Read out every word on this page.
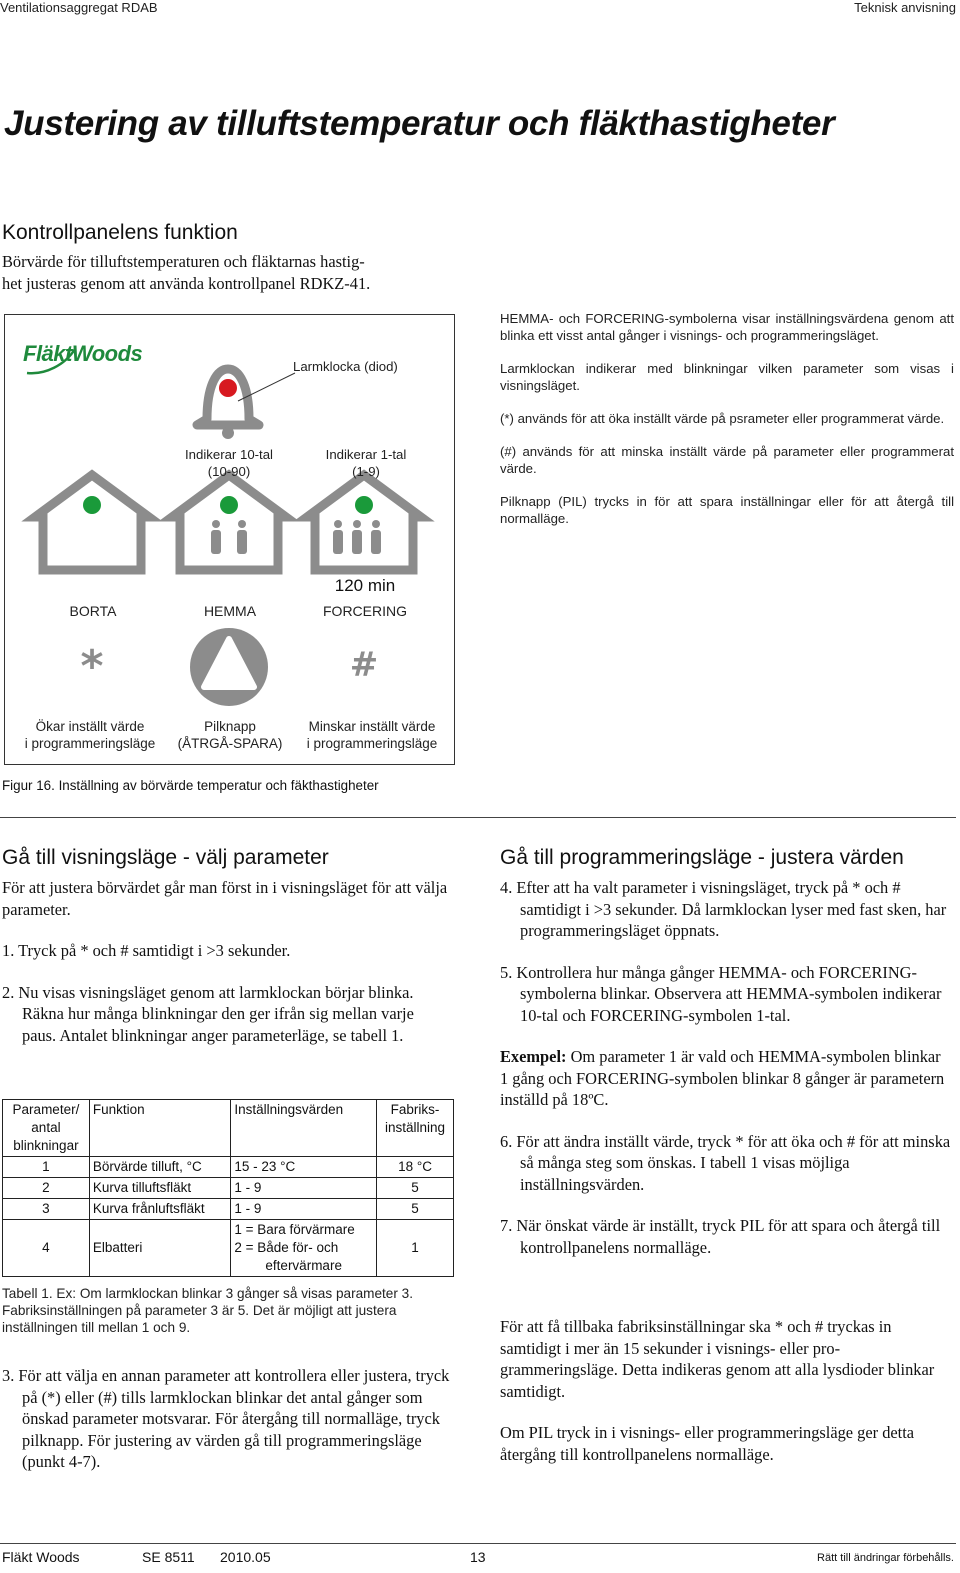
Ventilationsaggregat RDAB	Teknisk anvisning
Justering av tilluftstemperatur och fläkthastigheter
Kontrollpanelens funktion
Börvärde för tilluftstemperaturen och fläktarnas hastig-
het justeras genom att använda kontrollpanel RDKZ-41.
FläktWoods
Larmklocka (diod)
Indikerar 10-tal
(10-90)
Indikerar 1-tal
(1-9)
120 min
BORTA	HEMMA	FORCERING
*	#
Ökar inställt värde
i programmeringsläge
Pilknapp
(ÅTRGÅ-SPARA)
Minskar inställt värde
i programmeringsläge
Figur 16. Inställning av börvärde temperatur och fäkthastigheter

HEMMA- och FORCERING-symbolerna visar inställningsvärdena genom att blinka ett visst antal gånger i visnings- och programmeringsläget.

Larmklockan indikerar med blinkningar vilken parameter som visas i visningsläget.

(*) används för att öka inställt värde på psrameter eller programmerat värde.

(#) används för att minska inställt värde på parameter eller programmerat värde.

Pilknapp (PIL) trycks in för att spara inställningar eller för att återgå till normalläge.

Gå till visningsläge - välj parameter

För att justera börvärdet går man först in i visningsläget för att välja parameter.

1. Tryck på * och # samtidigt i >3 sekunder.

2. Nu visas visningsläget genom att larmklockan börjar blinka. Räkna hur många blinkningar den ger ifrån sig mellan varje paus. Antalet blinkningar anger parameterläge, se tabell 1.

Parameter/ antal blinkningar	Funktion	Inställningsvärden	Fabriks-inställning
1	Börvärde tilluft, °C	15 - 23 °C	18 °C
2	Kurva tilluftsfläkt	1 - 9	5
3	Kurva frånluftsfläkt	1 - 9	5
4	Elbatteri	1 = Bara förvärmare
2 = Både för- och
eftervärmare	1
Tabell 1. Ex: Om larmklockan blinkar 3 gånger så visas parameter 3. Fabriksinställningen på parameter 3 är 5. Det är möjligt att justera inställningen till mellan 1 och 9.
3. För att välja en annan parameter att kontrollera eller justera, tryck på (*) eller (#) tills larmklockan blinkar det antal gånger som önskad parameter motsvarar. För återgång till normalläge, tryck pilknapp. För justering av värden gå till programmeringsläge (punkt 4-7).
Gå till programmeringsläge - justera värden

4. Efter att ha valt parameter i visningsläget, tryck på * och # samtidigt i >3 sekunder. Då larmklockan lyser med fast sken, har programmeringsläget öppnats.

5. Kontrollera hur många gånger HEMMA- och FORCERING-symbolerna blinkar. Observera att HEMMA-symbolen indikerar 10-tal och FORCERING-symbolen 1-tal.

Exempel: Om parameter 1 är vald och HEMMA-symbolen blinkar 1 gång och FORCERING-symbolen blinkar 8 gånger är parametern inställd på 18ºC.

6. För att ändra inställt värde, tryck * för att öka och # för att minska så många steg som önskas. I tabell 1 visas möjliga inställningsvärden.

7. När önskat värde är inställt, tryck PIL för att spara och återgå till kontrollpanelens normalläge.

För att få tillbaka fabriksinställningar ska * och # tryckas in samtidigt i mer än 15 sekunder i visnings- eller programmeringsläge. Detta indikeras genom att alla lysdioder blinkar samtidigt.

Om PIL tryck in i visnings- eller programmeringsläge ger detta återgång till kontrollpanelens normalläge.

Fläkt Woods	SE 8511 2010.05	13	Rätt till ändringar förbehålls.
